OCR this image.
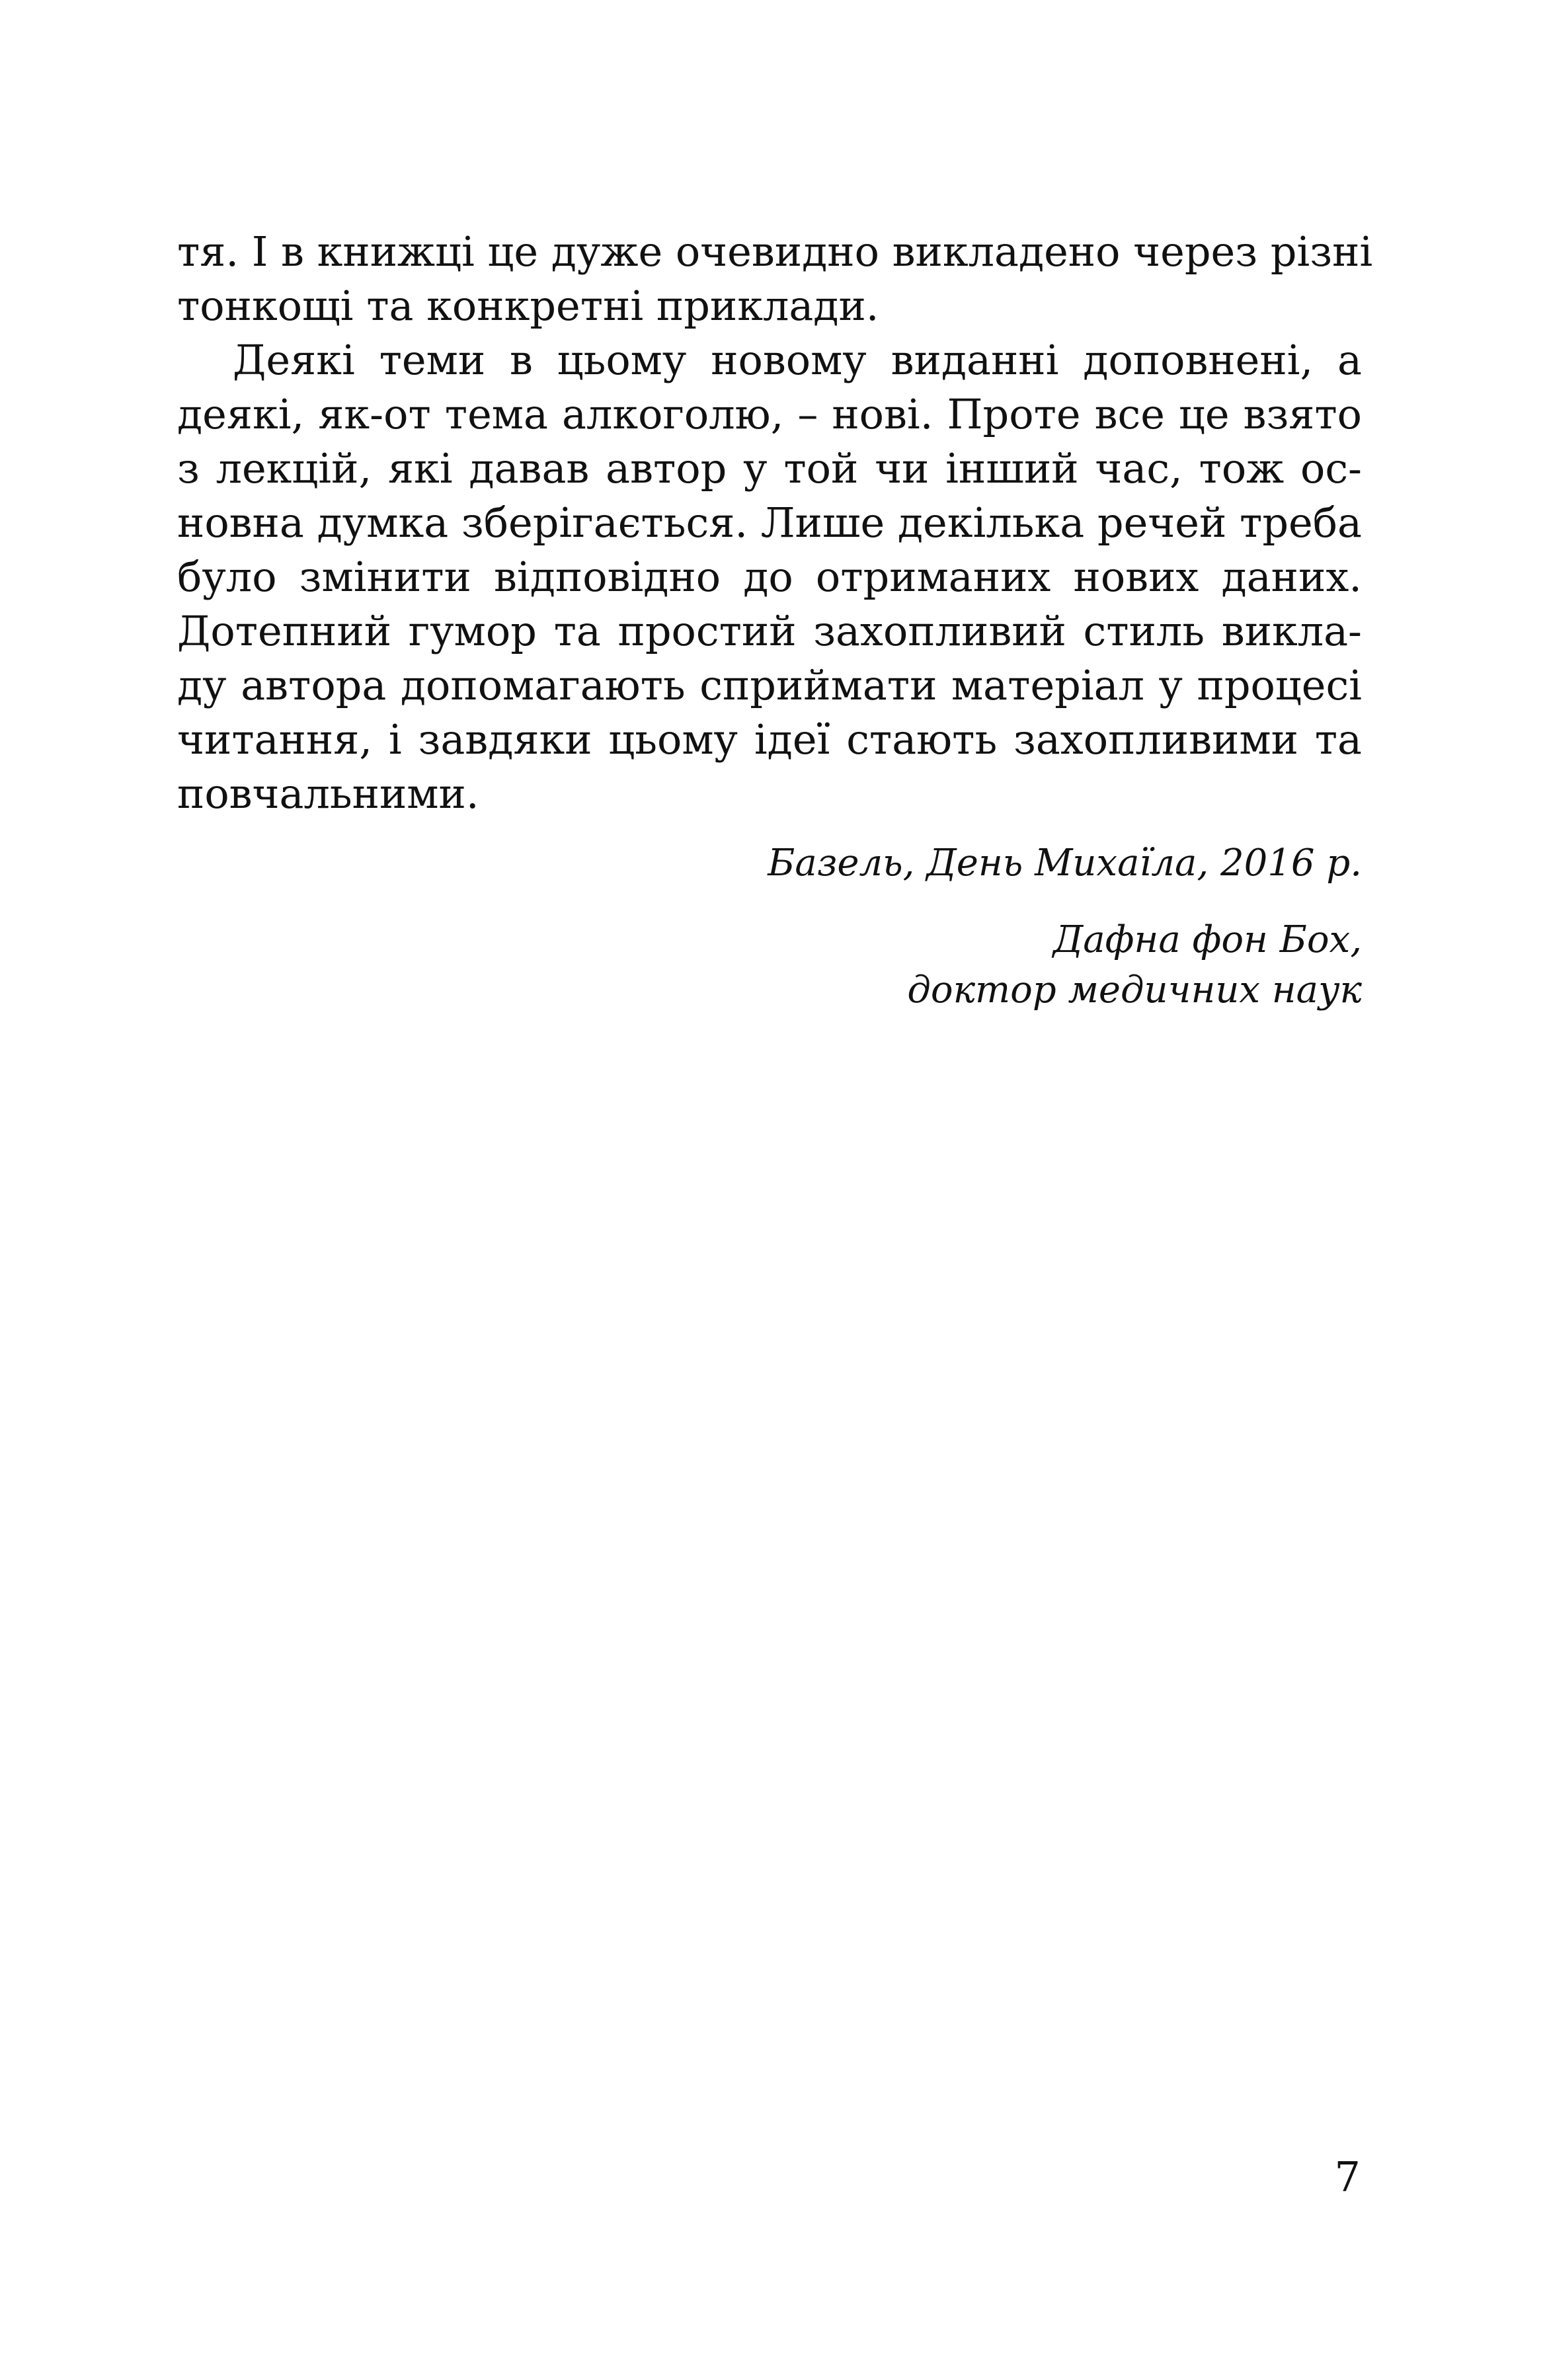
тя. І в книжці це дуже очевидно викладено через різні
тонкощі та конкретні приклади.
Деякі теми в цьому новому виданні доповнені, а
деякі, як-от тема алкоголю, – нові. Проте все це взято
з лекцій, які давав автор у той чи інший час, тож ос-
новна думка зберігається. Лише декілька речей треба
було змінити відповідно до отриманих нових даних.
Дотепний гумор та простий захопливий стиль викла-
ду автора допомагають сприймати матеріал у процесі
читання, і завдяки цьому ідеї стають захопливими та
повчальними.
Базель, День Михаїла, 2016 р.
Дафна фон Бох,
доктор медичних наук
7
